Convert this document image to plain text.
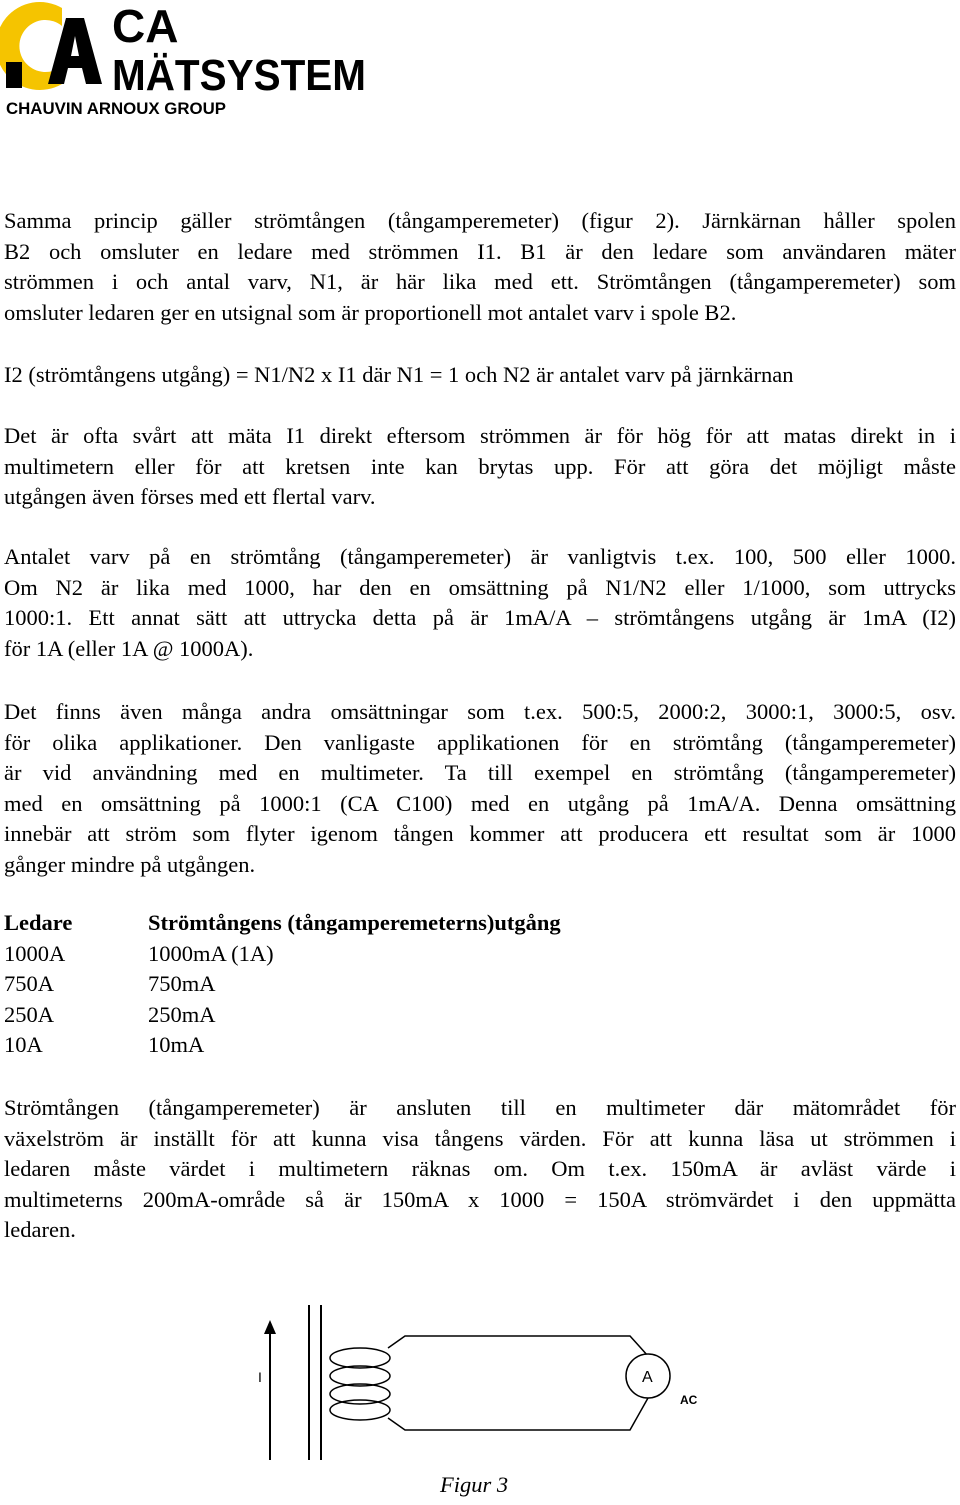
CA
MÄTSYSTEM
CHAUVIN ARNOUX GROUP
Samma princip gäller strömtången (tångamperemeter) (figur 2). Järnkärnan håller spolen
B2 och omsluter en ledare med strömmen I1. B1 är den ledare som användaren mäter
strömmen i och antal varv, N1, är här lika med ett. Strömtången (tångamperemeter) som
omsluter ledaren ger en utsignal som är proportionell mot antalet varv i spole B2.
I2 (strömtångens utgång) = N1/N2 x I1 där N1 = 1 och N2 är antalet varv på järnkärnan
Det är ofta svårt att mäta I1 direkt eftersom strömmen är för hög för att matas direkt in i
multimetern eller för att kretsen inte kan brytas upp. För att göra det möjligt måste
utgången även förses med ett flertal varv.
Antalet varv på en strömtång (tångamperemeter) är vanligtvis t.ex. 100, 500 eller 1000.
Om N2 är lika med 1000, har den en omsättning på N1/N2 eller 1/1000, som uttrycks
1000:1. Ett annat sätt att uttrycka detta på är 1mA/A – strömtångens utgång är 1mA (I2)
för 1A (eller 1A @ 1000A).
Det finns även många andra omsättningar som t.ex. 500:5, 2000:2, 3000:1, 3000:5, osv.
för olika applikationer. Den vanligaste applikationen för en strömtång (tångamperemeter)
är vid användning med en multimeter. Ta till exempel en strömtång (tångamperemeter)
med en omsättning på 1000:1 (CA C100) med en utgång på 1mA/A. Denna omsättning
innebär att ström som flyter igenom tången kommer att producera ett resultat som är 1000
gånger mindre på utgången.
Ledare	Strömtångens (tångamperemeterns)utgång
1000A	1000mA (1A)
750A	750mA
250A	250mA
10A	10mA
Strömtången (tångamperemeter) är ansluten till en multimeter där mätområdet för
växelström är inställt för att kunna visa tångens värden. För att kunna läsa ut strömmen i
ledaren måste värdet i multimetern räknas om. Om t.ex. 150mA är avläst värde i
multimeterns 200mA-område så är 150mA x 1000 = 150A strömvärdet i den uppmätta
ledaren.
I	A
AC
Figur 3
